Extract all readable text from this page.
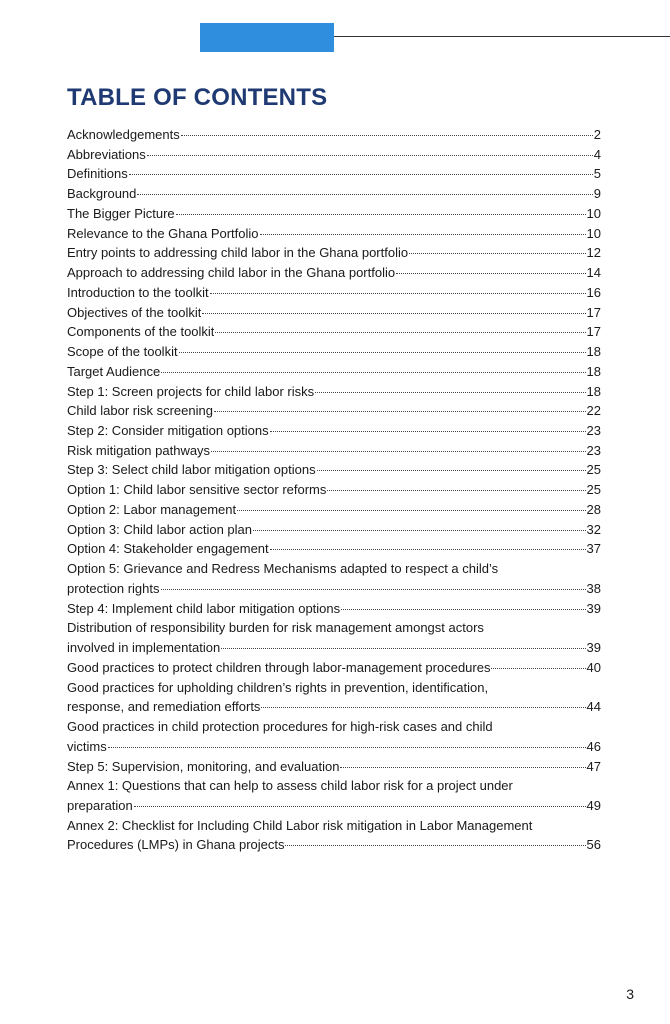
TABLE OF CONTENTS
Acknowledgements	2
Abbreviations	4
Definitions	5
Background	9
The Bigger Picture	10
Relevance to the Ghana Portfolio	10
Entry points to addressing child labor in the Ghana portfolio	12
Approach to addressing child labor in the Ghana portfolio	14
Introduction to the toolkit	16
Objectives of the toolkit	17
Components of the toolkit	17
Scope of the toolkit	18
Target Audience	18
Step 1: Screen projects for child labor risks	18
Child labor risk screening	22
Step 2: Consider mitigation options	23
Risk mitigation pathways	23
Step 3: Select child labor mitigation options	25
Option 1: Child labor sensitive sector reforms	25
Option 2: Labor management	28
Option 3: Child labor action plan	32
Option 4: Stakeholder engagement	37
Option 5: Grievance and Redress Mechanisms adapted to respect a child’s
protection rights	38
Step 4: Implement child labor mitigation options	39
Distribution of responsibility burden for risk management amongst actors
involved in implementation	39
Good practices to protect children through labor-management procedures	40
Good practices for upholding children’s rights in prevention, identification,
response, and remediation efforts	44
Good practices in child protection procedures for high-risk cases and child
victims	46
Step 5: Supervision, monitoring, and evaluation	47
Annex 1: Questions that can help to assess child labor risk for a project under
preparation	49
Annex 2: Checklist for Including Child Labor risk mitigation in Labor Management
Procedures (LMPs) in Ghana projects	56
3
